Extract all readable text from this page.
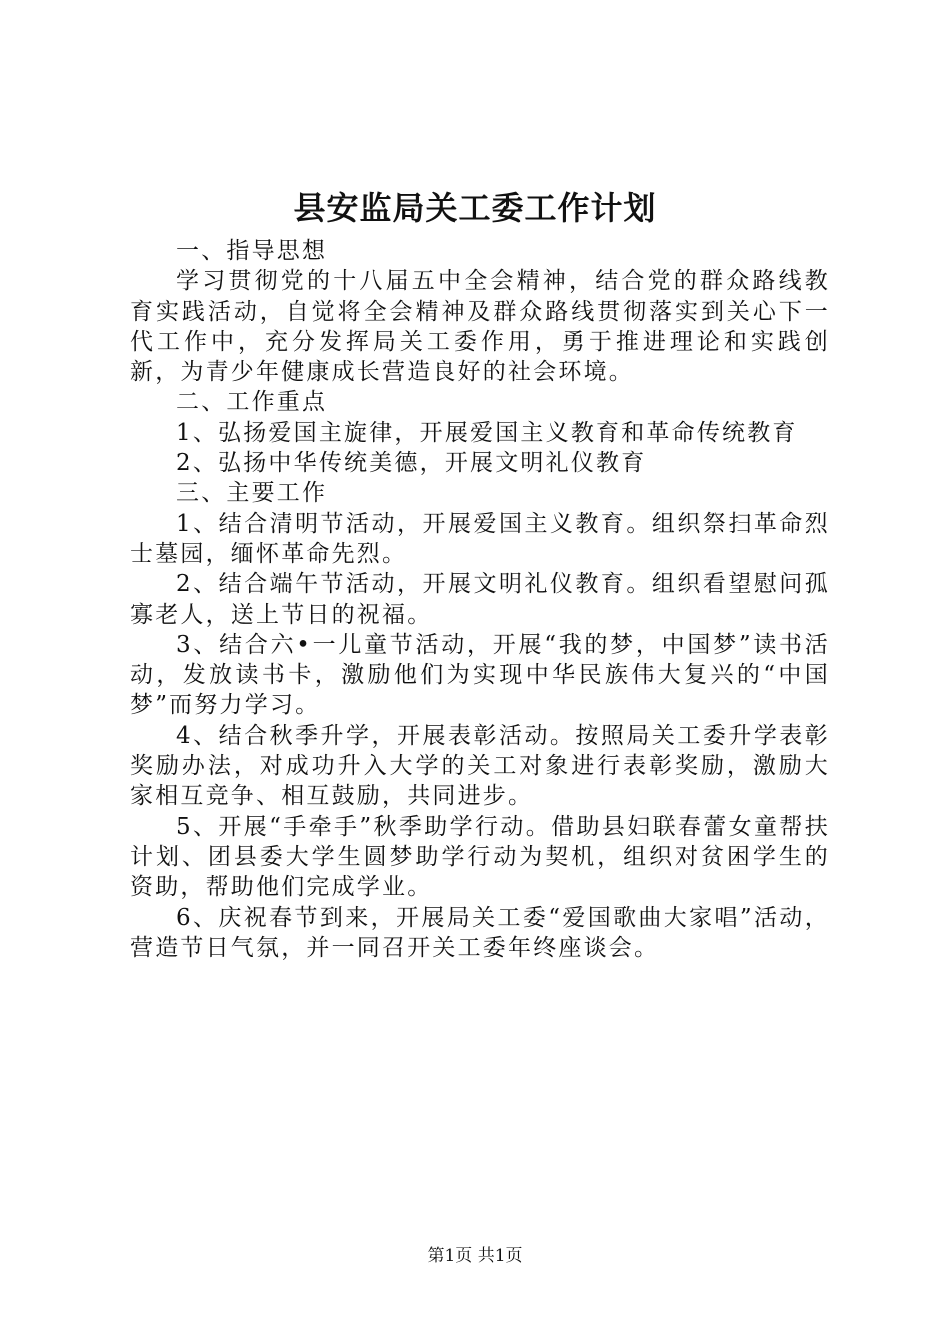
县安监局关工委工作计划

一、指导思想

学习贯彻党的十八届五中全会精神，结合党的群众路线教育实践活动，自觉将全会精神及群众路线贯彻落实到关心下一代工作中，充分发挥局关工委作用，勇于推进理论和实践创新，为青少年健康成长营造良好的社会环境。

二、工作重点

1、弘扬爱国主旋律，开展爱国主义教育和革命传统教育

2、弘扬中华传统美德，开展文明礼仪教育

三、主要工作

1、结合清明节活动，开展爱国主义教育。组织祭扫革命烈士墓园，缅怀革命先烈。

2、结合端午节活动，开展文明礼仪教育。组织看望慰问孤寡老人，送上节日的祝福。

3、结合六•一儿童节活动，开展“我的梦，中国梦”读书活动，发放读书卡，激励他们为实现中华民族伟大复兴的“中国梦”而努力学习。

4、结合秋季升学，开展表彰活动。按照局关工委升学表彰奖励办法，对成功升入大学的关工对象进行表彰奖励，激励大家相互竞争、相互鼓励，共同进步。

5、开展“手牵手”秋季助学行动。借助县妇联春蕾女童帮扶计划、团县委大学生圆梦助学行动为契机，组织对贫困学生的资助，帮助他们完成学业。

6、庆祝春节到来，开展局关工委“爱国歌曲大家唱”活动，营造节日气氛，并一同召开关工委年终座谈会。

第1页 共1页
